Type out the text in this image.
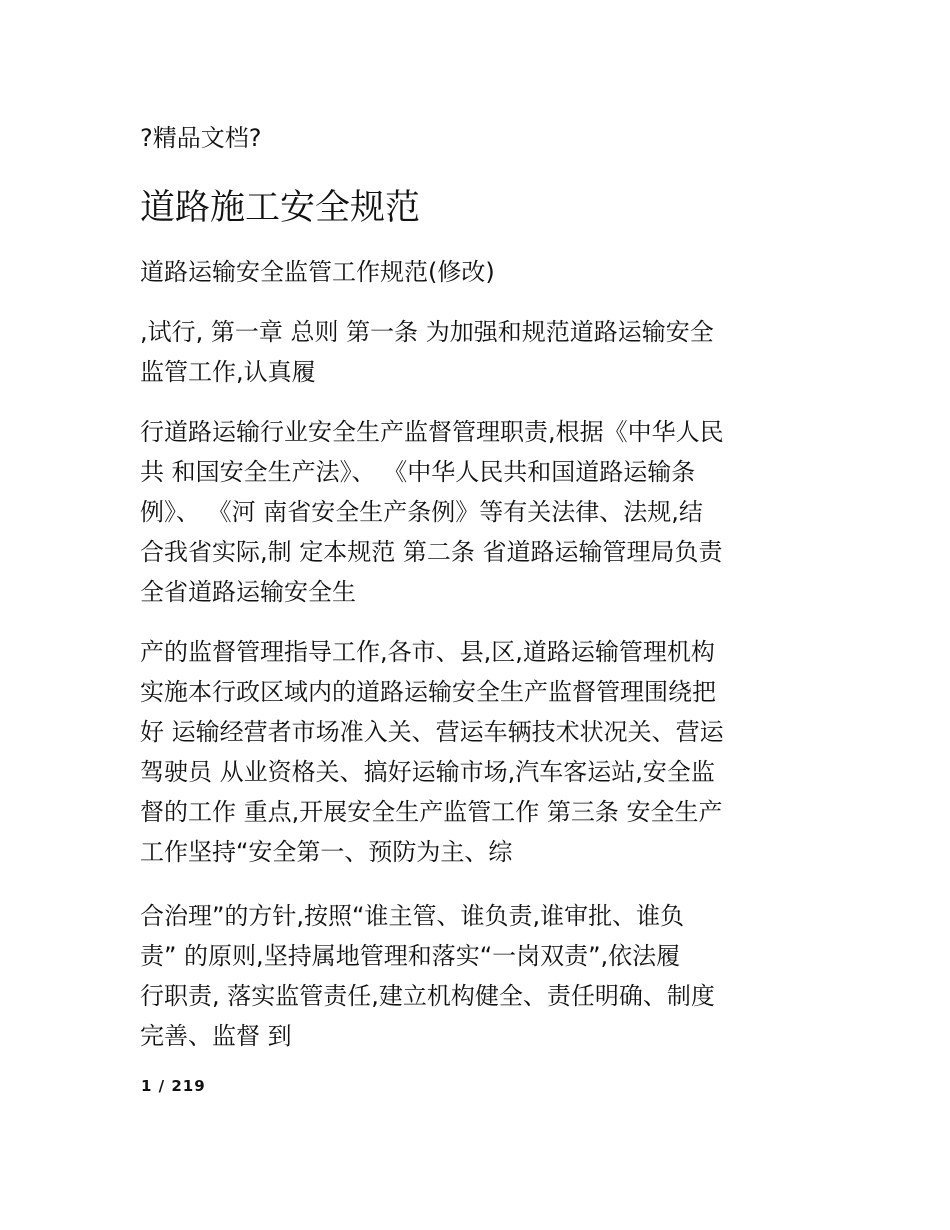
?精品文档?
道路施工安全规范
道路运输安全监管工作规范(修改)
,试行, 第一章 总则 第一条 为加强和规范道路运输安全
监管工作,认真履
行道路运输行业安全生产监督管理职责,根据《中华人民
共 和国安全生产法》、 《中华人民共和国道路运输条
例》、 《河 南省安全生产条例》等有关法律、法规,结
合我省实际,制 定本规范 第二条 省道路运输管理局负责
全省道路运输安全生
产的监督管理指导工作,各市、县,区,道路运输管理机构
实施本行政区域内的道路运输安全生产监督管理围绕把
好 运输经营者市场准入关、营运车辆技术状况关、营运
驾驶员 从业资格关、搞好运输市场,汽车客运站,安全监
督的工作 重点,开展安全生产监管工作 第三条 安全生产
工作坚持“安全第一、预防为主、综
合治理”的方针,按照“谁主管、谁负责,谁审批、谁负
责” 的原则,坚持属地管理和落实“一岗双责”,依法履
行职责, 落实监管责任,建立机构健全、责任明确、制度
完善、监督 到
1 / 219
